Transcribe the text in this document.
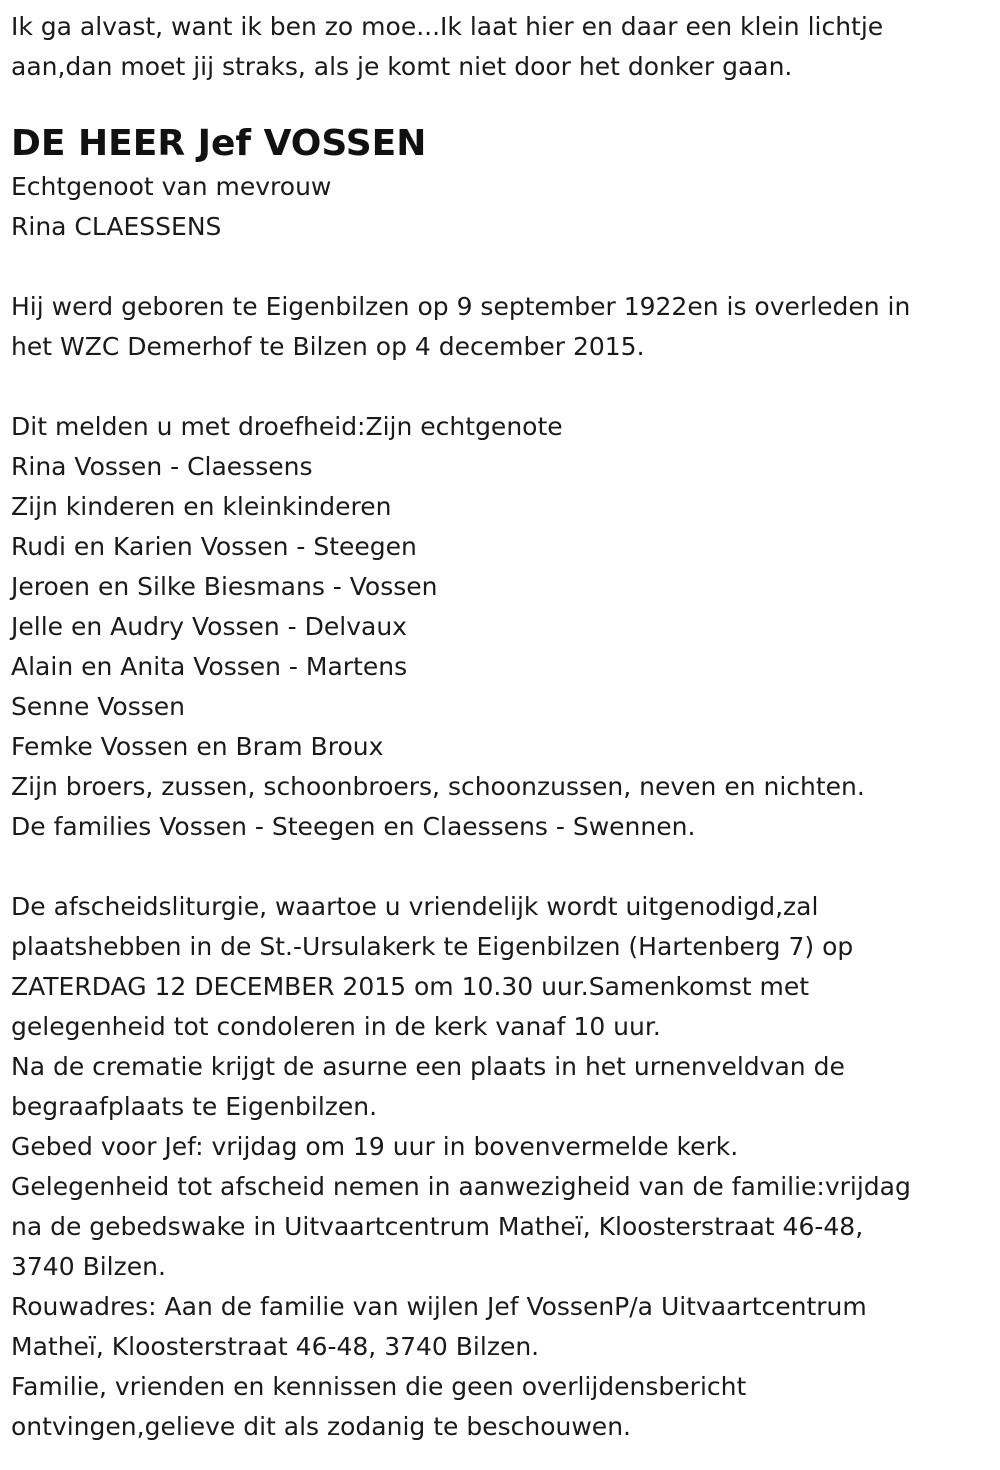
Ik ga alvast, want ik ben zo moe...Ik laat hier en daar een klein lichtje
aan,dan moet jij straks, als je komt niet door het donker gaan.
DE HEER Jef VOSSEN
Echtgenoot van mevrouw
Rina CLAESSENS
Hij werd geboren te Eigenbilzen op 9 september 1922en is overleden in
het WZC Demerhof te Bilzen op 4 december 2015.
Dit melden u met droefheid:Zijn echtgenote
Rina Vossen - Claessens
Zijn kinderen en kleinkinderen
Rudi en Karien Vossen - Steegen
Jeroen en Silke Biesmans - Vossen
Jelle en Audry Vossen - Delvaux
Alain en Anita Vossen - Martens
Senne Vossen
Femke Vossen en Bram Broux
Zijn broers, zussen, schoonbroers, schoonzussen, neven en nichten.
De families Vossen - Steegen en Claessens - Swennen.
De afscheidsliturgie, waartoe u vriendelijk wordt uitgenodigd,zal
plaatshebben in de St.-Ursulakerk te Eigenbilzen (Hartenberg 7) op
ZATERDAG 12 DECEMBER 2015 om 10.30 uur.Samenkomst met
gelegenheid tot condoleren in de kerk vanaf 10 uur.
Na de crematie krijgt de asurne een plaats in het urnenveldvan de
begraafplaats te Eigenbilzen.
Gebed voor Jef: vrijdag om 19 uur in bovenvermelde kerk.
Gelegenheid tot afscheid nemen in aanwezigheid van de familie:vrijdag
na de gebedswake in Uitvaartcentrum Matheï, Kloosterstraat 46-48,
3740 Bilzen.
Rouwadres: Aan de familie van wijlen Jef VossenP/a Uitvaartcentrum
Matheï, Kloosterstraat 46-48, 3740 Bilzen.
Familie, vrienden en kennissen die geen overlijdensbericht
ontvingen,gelieve dit als zodanig te beschouwen.
